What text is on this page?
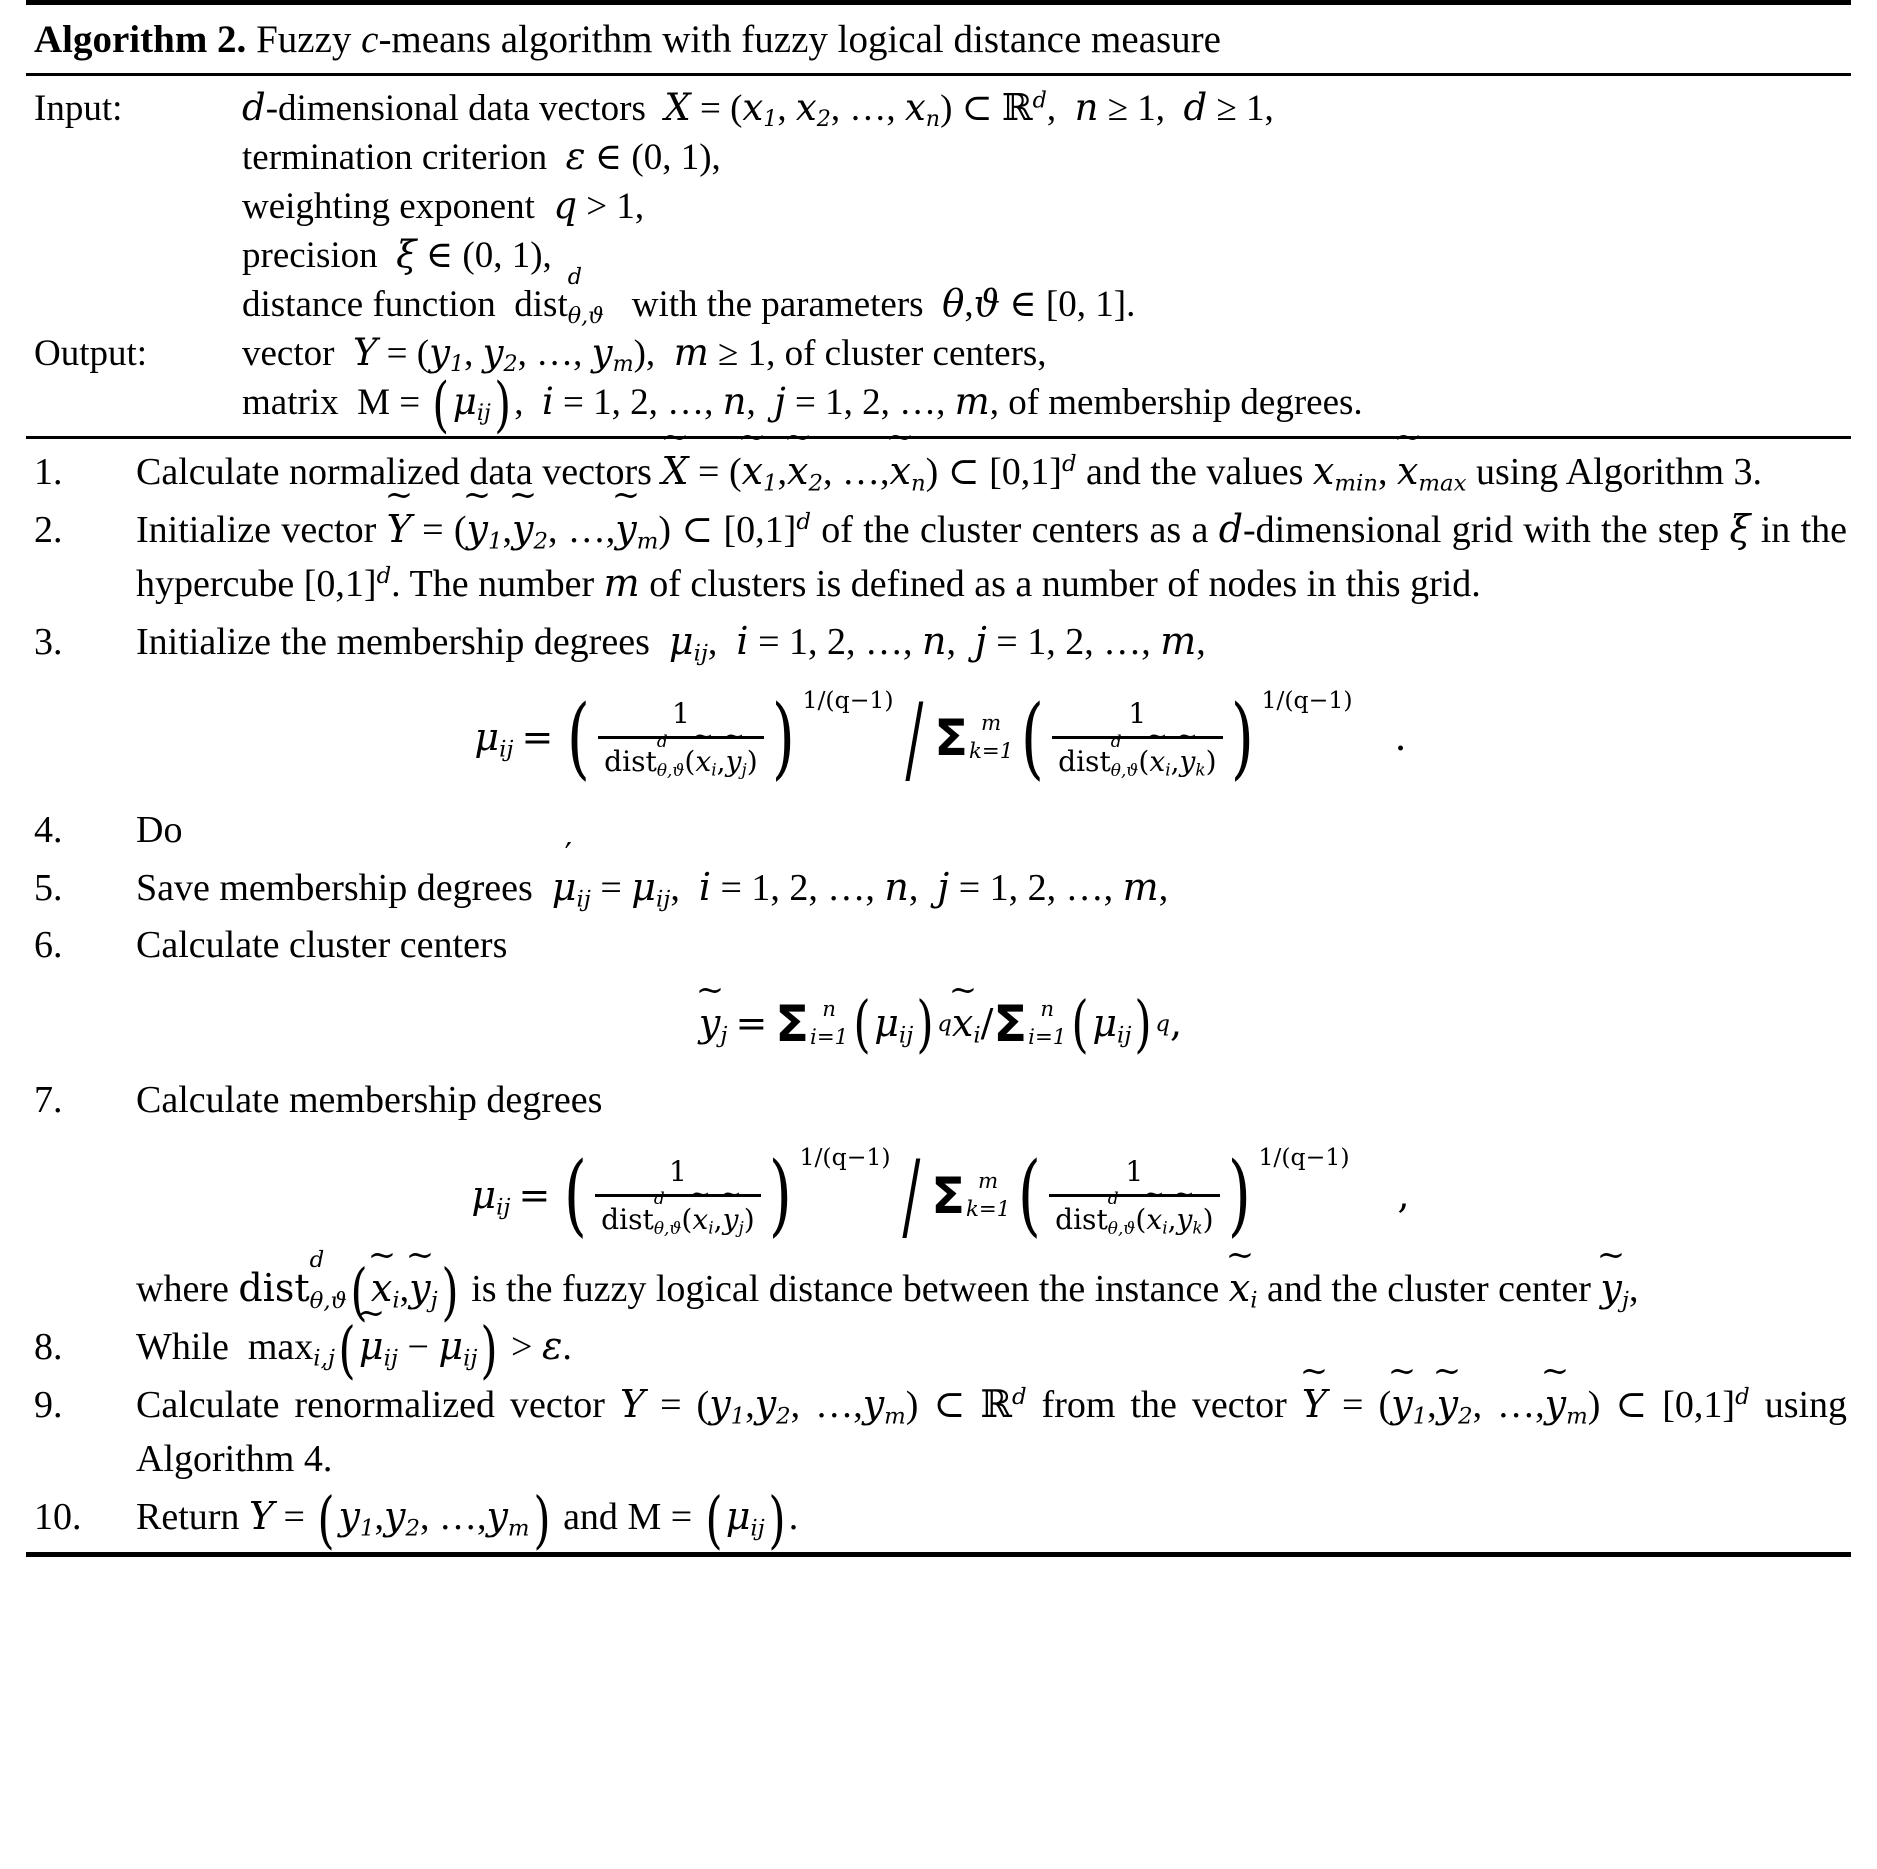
Algorithm 2. Fuzzy c-means algorithm with fuzzy logical distance measure
Input:	d-dimensional data vectors  $X = (x_1$, $x_2$, …, $x_n$) ⊂ ℝ$^d$, n ≥ 1, d ≥ 1,

termination criterion  ε ∈ (0, 1),

weighting exponent  q > 1,

precision  ξ ∈ (0, 1),

distance function  dist
d
θ,ϑ with the parameters  θ,ϑ ∈ [0, 1].
Output:	vector  $Y = (y_1$, $y_2$, …, $y_m$), m ≥ 1, of cluster centers,

matrix  $M = (\mu_{ij})$, i = 1, 2, …, n, j = 1, 2, …, m, of membership degrees.
1.	Calculate normalized data vectors ~ X = (~ $x_1,\sim$ $x_2$, …,~ $x_n$) ⊂ $[0,1]^d$ and the values $x_{min}$, ~ $x_{max}$ using Algorithm 3.
2.	Initialize vector ~ Y = (~ $y_1,\sim$ $y_2$, …,~ $y_m$) ⊂ $[0,1]^d$ of the cluster centers as a d-dimensional grid with the step ξ in the hypercube $[0,1]^d$. The number m of clusters is defined as a number of nodes in this grid.
3.	Initialize the membership degrees  $\mu_{ij}$, i = 1, 2, …, n, j = 1, 2, …, m,
$\mu_{ij}$ = ( 1
dist
d
θ,ϑ (~ $x_i,\sim$ $y_j$) ) 1/(q−1) / Σ m
k=1 ( 1
dist
d
θ,ϑ (~ $x_i,\sim$ $y_k$) ) 1/(q−1)
.
4.	Do
5.	Save membership degrees  ′ $\mu_{ij} = \mu_{ij}$, i = 1, 2, …, n, j = 1, 2, …, m,
6.	Calculate cluster centers
~ $y_j = \Sigma$ n
i=1 ( $\mu_{ij}$ ) q ~ $x_i$ / Σ n
i=1 ( $\mu_{ij}$ ) q ,
7.	Calculate membership degrees
$\mu_{ij}$ = ( 1
dist
d
θ,ϑ (~ $x_i,\sim$ $y_j$) ) 1/(q−1) / Σ m
k=1 ( 1
dist
d
θ,ϑ (~ $x_i,\sim$ $y_k$) ) 1/(q−1)
,

where dist
d
θ,ϑ (~ $x_i,\sim$ $y_j$) is the fuzzy logical distance between the instance ~ $x_i$ and the cluster center ~ $y_j$,
8.	While  $\max_{i,j}(\sim$ $\mu_{ij} - \mu_{ij}) > \varepsilon$.
9.	Calculate renormalized vector $Y = (y_1,y_2$, $\dots,y_m$) ⊂ ℝ$^d$ from the vector ~ Y = (~ $y_1,\sim$ $y_2$, …,~ $y_m$) ⊂ $[0,1]^d$ using Algorithm 4.
10.	Return $Y = (y_1,y_2$, $\dots,y_m$) and $M = (\mu_{ij})$.
